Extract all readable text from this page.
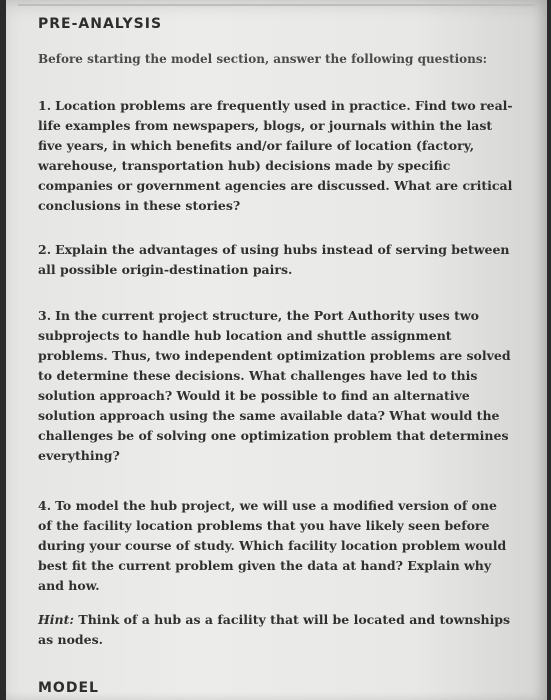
PRE-ANALYSIS

Before starting the model section, answer the following questions:

1. Location problems are frequently used in practice. Find two real-life examples from newspapers, blogs, or journals within the last five years, in which benefits and/or failure of location (factory, warehouse, transportation hub) decisions made by specific companies or government agencies are discussed. What are critical conclusions in these stories?

2. Explain the advantages of using hubs instead of serving between all possible origin-destination pairs.

3. In the current project structure, the Port Authority uses two subprojects to handle hub location and shuttle assignment problems. Thus, two independent optimization problems are solved to determine these decisions. What challenges have led to this solution approach? Would it be possible to find an alternative solution approach using the same available data? What would the challenges be of solving one optimization problem that determines everything?

4. To model the hub project, we will use a modified version of one of the facility location problems that you have likely seen before during your course of study. Which facility location problem would best fit the current problem given the data at hand? Explain why and how.

Hint: Think of a hub as a facility that will be located and townships as nodes.

MODEL
